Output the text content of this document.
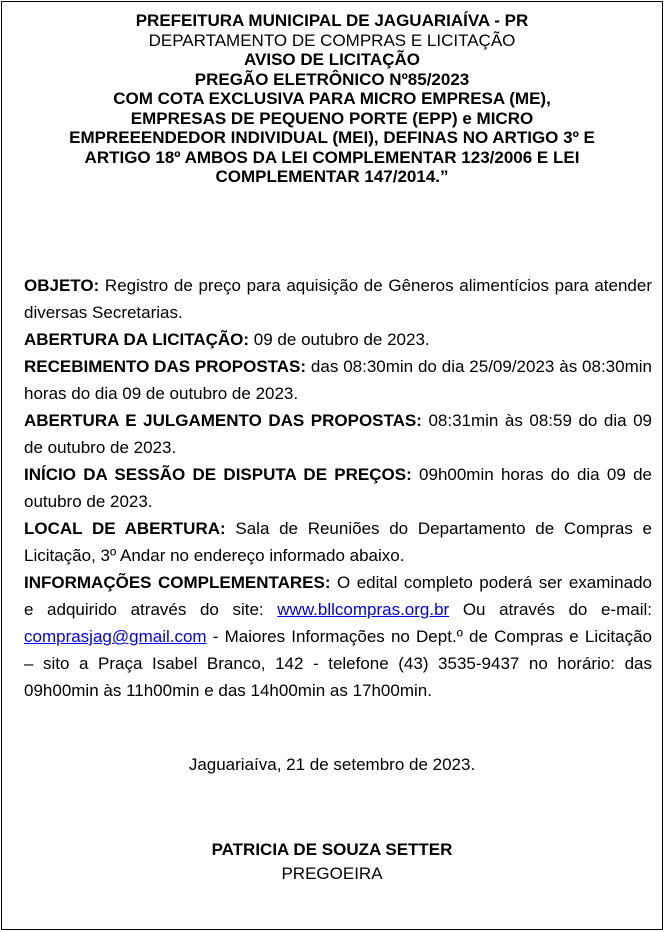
PREFEITURA MUNICIPAL DE JAGUARIAÍVA - PR
DEPARTAMENTO DE COMPRAS E LICITAÇÃO
AVISO DE LICITAÇÃO
PREGÃO ELETRÔNICO Nº85/2023
COM COTA EXCLUSIVA PARA MICRO EMPRESA (ME),
EMPRESAS DE PEQUENO PORTE (EPP) e MICRO
EMPREEENDEDOR INDIVIDUAL (MEI), DEFINAS NO ARTIGO 3º E
ARTIGO 18º AMBOS DA LEI COMPLEMENTAR 123/2006 E LEI
COMPLEMENTAR 147/2014.”

OBJETO: Registro de preço para aquisição de Gêneros alimentícios para atender diversas Secretarias.

ABERTURA DA LICITAÇÃO: 09 de outubro de 2023.

RECEBIMENTO DAS PROPOSTAS: das 08:30min do dia 25/09/2023 às 08:30min horas do dia 09 de outubro de 2023.

ABERTURA E JULGAMENTO DAS PROPOSTAS: 08:31min às 08:59 do dia 09 de outubro de 2023.

INÍCIO DA SESSÃO DE DISPUTA DE PREÇOS: 09h00min horas do dia 09 de outubro de 2023.

LOCAL DE ABERTURA: Sala de Reuniões do Departamento de Compras e Licitação, 3º Andar no endereço informado abaixo.

INFORMAÇÕES COMPLEMENTARES: O edital completo poderá ser examinado e adquirido através do site: www.bllcompras.org.br Ou através do e-mail: comprasjag@gmail.com - Maiores Informações no Dept.º de Compras e Licitação – sito a Praça Isabel Branco, 142 - telefone (43) 3535-9437 no horário: das 09h00min às 11h00min e das 14h00min as 17h00min.

Jaguariaíva, 21 de setembro de 2023.
PATRICIA DE SOUZA SETTER
PREGOEIRA
